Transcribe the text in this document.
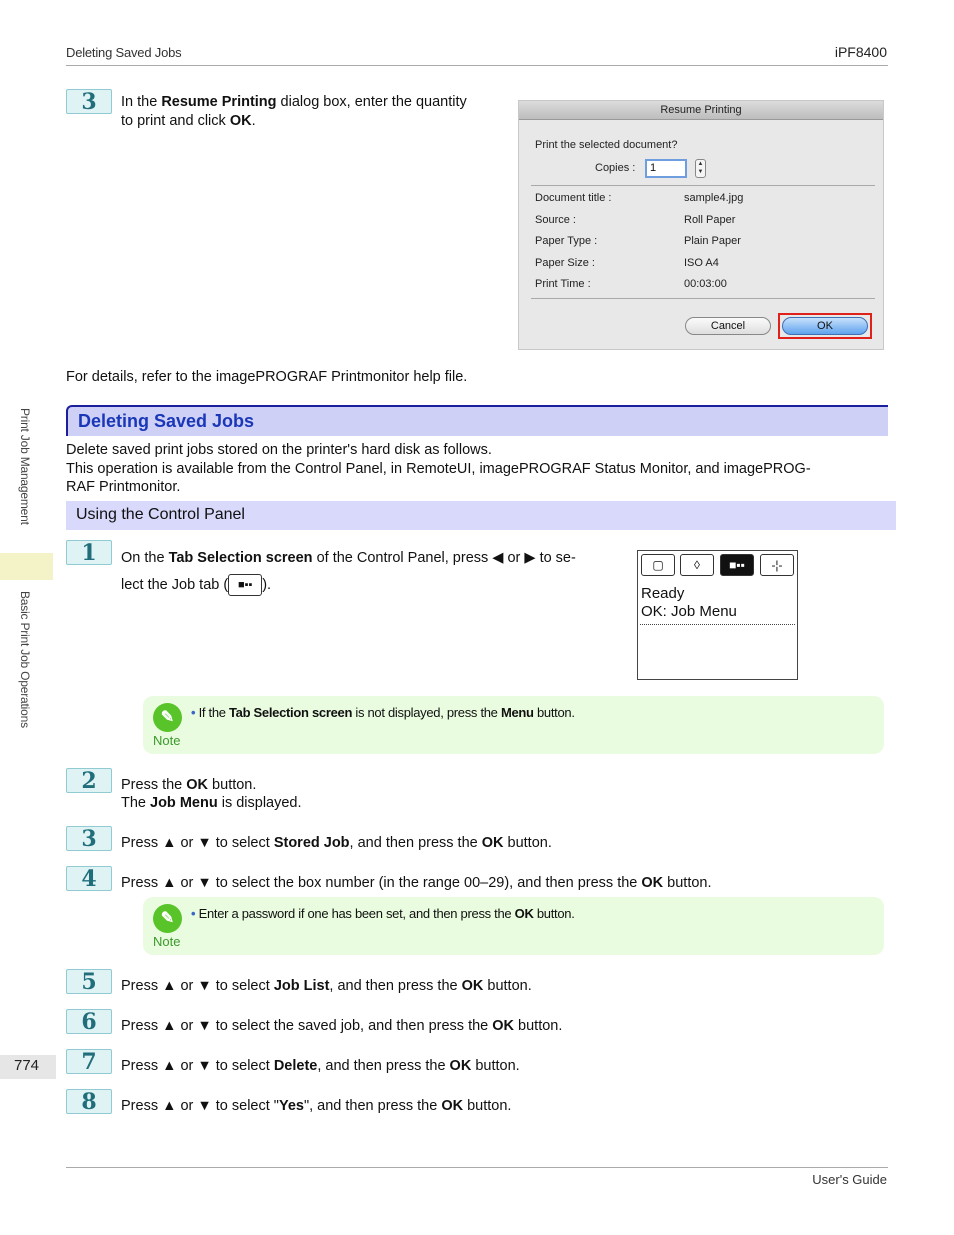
Deleting Saved Jobs	iPF8400
Print Job Management
Basic Print Job Operations
774
3	In the Resume Printing dialog box, enter the quantity
to print and click OK.
Resume Printing
Print the selected document?
Copies :	1	▲
▼
Document title :	sample4.jpg
Source :	Roll Paper
Paper Type :	Plain Paper
Paper Size :	ISO A4
Print Time :	00:03:00
Cancel	OK
For details, refer to the imagePROGRAF Printmonitor help file.
Deleting Saved Jobs
Delete saved print jobs stored on the printer's hard disk as follows.
This operation is available from the Control Panel, in RemoteUI, imagePROGRAF Status Monitor, and imagePROG-
RAF Printmonitor.
Using the Control Panel
1	On the Tab Selection screen of the Control Panel, press ◀ or ▶ to se-
lect the Job tab ( ■▪▪ ).
▢	◊	■▪▪	-¦-
Ready
OK: Job Menu
✎
Note
• If the Tab Selection screen is not displayed, press the Menu button.
2	Press the OK button.
The Job Menu is displayed.
3	Press ▲ or ▼ to select Stored Job, and then press the OK button.
4	Press ▲ or ▼ to select the box number (in the range 00–29), and then press the OK button.
✎
Note
• Enter a password if one has been set, and then press the OK button.
5	Press ▲ or ▼ to select Job List, and then press the OK button.
6	Press ▲ or ▼ to select the saved job, and then press the OK button.
7	Press ▲ or ▼ to select Delete, and then press the OK button.
8	Press ▲ or ▼ to select "Yes", and then press the OK button.
User's Guide
